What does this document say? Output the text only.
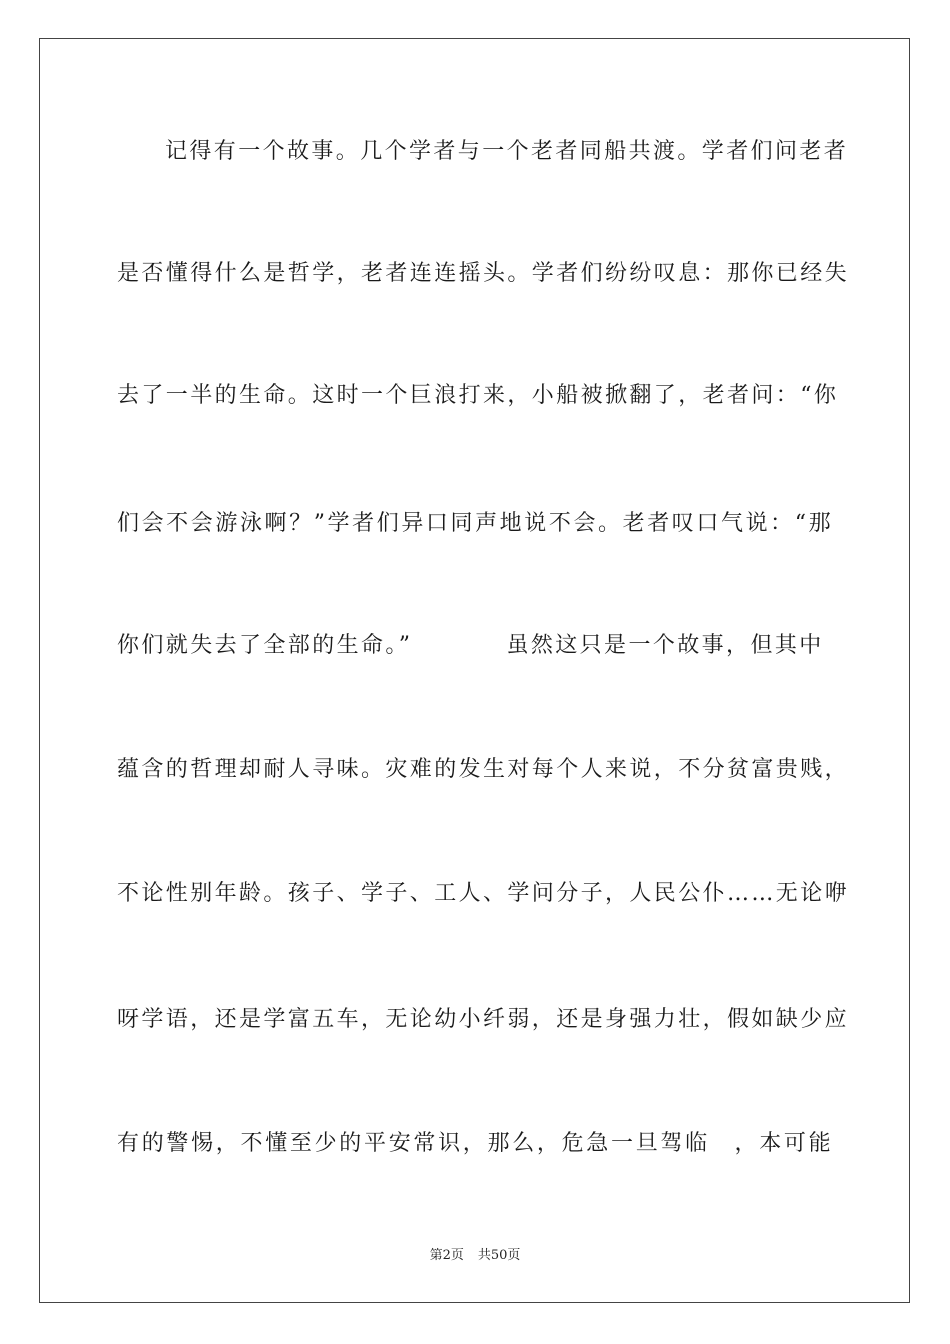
记得有一个故事。几个学者与一个老者同船共渡。学者们问老者

是否懂得什么是哲学，老者连连摇头。学者们纷纷叹息：那你已经失

去了一半的生命。这时一个巨浪打来，小船被掀翻了，老者问：“你

们会不会游泳啊？”学者们异口同声地说不会。老者叹口气说：“那

你们就失去了全部的生命。”	虽然这只是一个故事，但其中

蕴含的哲理却耐人寻味。灾难的发生对每个人来说，不分贫富贵贱，

不论性别年龄。孩子、学子、工人、学问分子，人民公仆……无论咿

呀学语，还是学富五车，无论幼小纤弱，还是身强力壮，假如缺少应

有的警惕，不懂至少的平安常识，那么，危急一旦驾临　，本可能

第2页 共50页
